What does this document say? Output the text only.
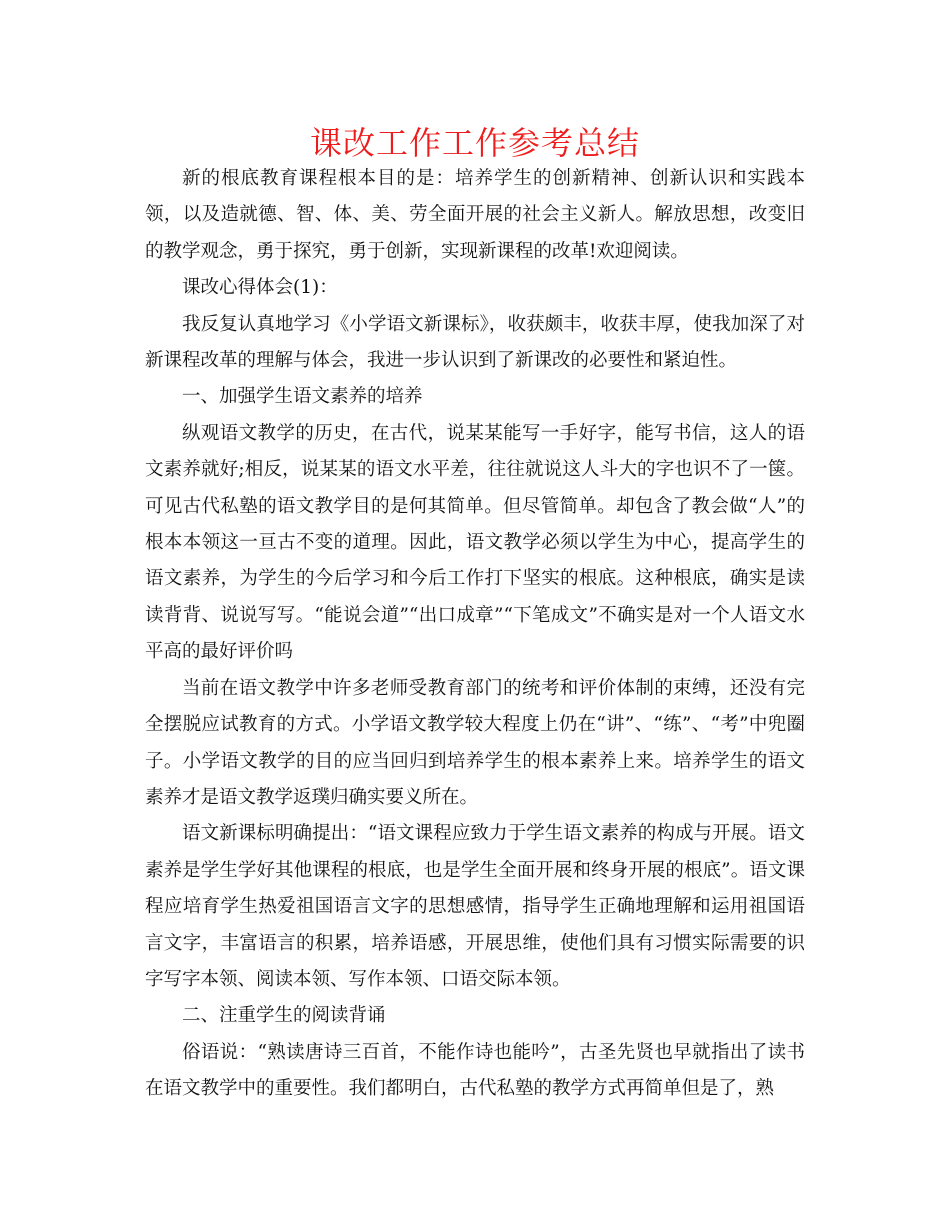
课改工作工作参考总结

新的根底教育课程根本目的是：培养学生的创新精神、创新认识和实践本领，以及造就德、智、体、美、劳全面开展的社会主义新人。解放思想，改变旧的教学观念，勇于探究，勇于创新，实现新课程的改革!欢迎阅读。

课改心得体会(1)：

我反复认真地学习《小学语文新课标》，收获颇丰，收获丰厚，使我加深了对新课程改革的理解与体会，我进一步认识到了新课改的必要性和紧迫性。

一、加强学生语文素养的培养

纵观语文教学的历史，在古代，说某某能写一手好字，能写书信，这人的语文素养就好;相反，说某某的语文水平差，往往就说这人斗大的字也识不了一箧。可见古代私塾的语文教学目的是何其简单。但尽管简单。却包含了教会做“人”的根本本领这一亘古不变的道理。因此，语文教学必须以学生为中心，提高学生的语文素养，为学生的今后学习和今后工作打下坚实的根底。这种根底，确实是读读背背、说说写写。“能说会道”“出口成章”“下笔成文”不确实是对一个人语文水平高的最好评价吗

当前在语文教学中许多老师受教育部门的统考和评价体制的束缚，还没有完全摆脱应试教育的方式。小学语文教学较大程度上仍在“讲”、“练”、“考”中兜圈子。小学语文教学的目的应当回归到培养学生的根本素养上来。培养学生的语文素养才是语文教学返璞归确实要义所在。

语文新课标明确提出：“语文课程应致力于学生语文素养的构成与开展。语文素养是学生学好其他课程的根底，也是学生全面开展和终身开展的根底”。语文课程应培育学生热爱祖国语言文字的思想感情，指导学生正确地理解和运用祖国语言文字，丰富语言的积累，培养语感，开展思维，使他们具有习惯实际需要的识字写字本领、阅读本领、写作本领、口语交际本领。

二、注重学生的阅读背诵

俗语说：“熟读唐诗三百首，不能作诗也能吟”，古圣先贤也早就指出了读书在语文教学中的重要性。我们都明白，古代私塾的教学方式再简单但是了，熟
